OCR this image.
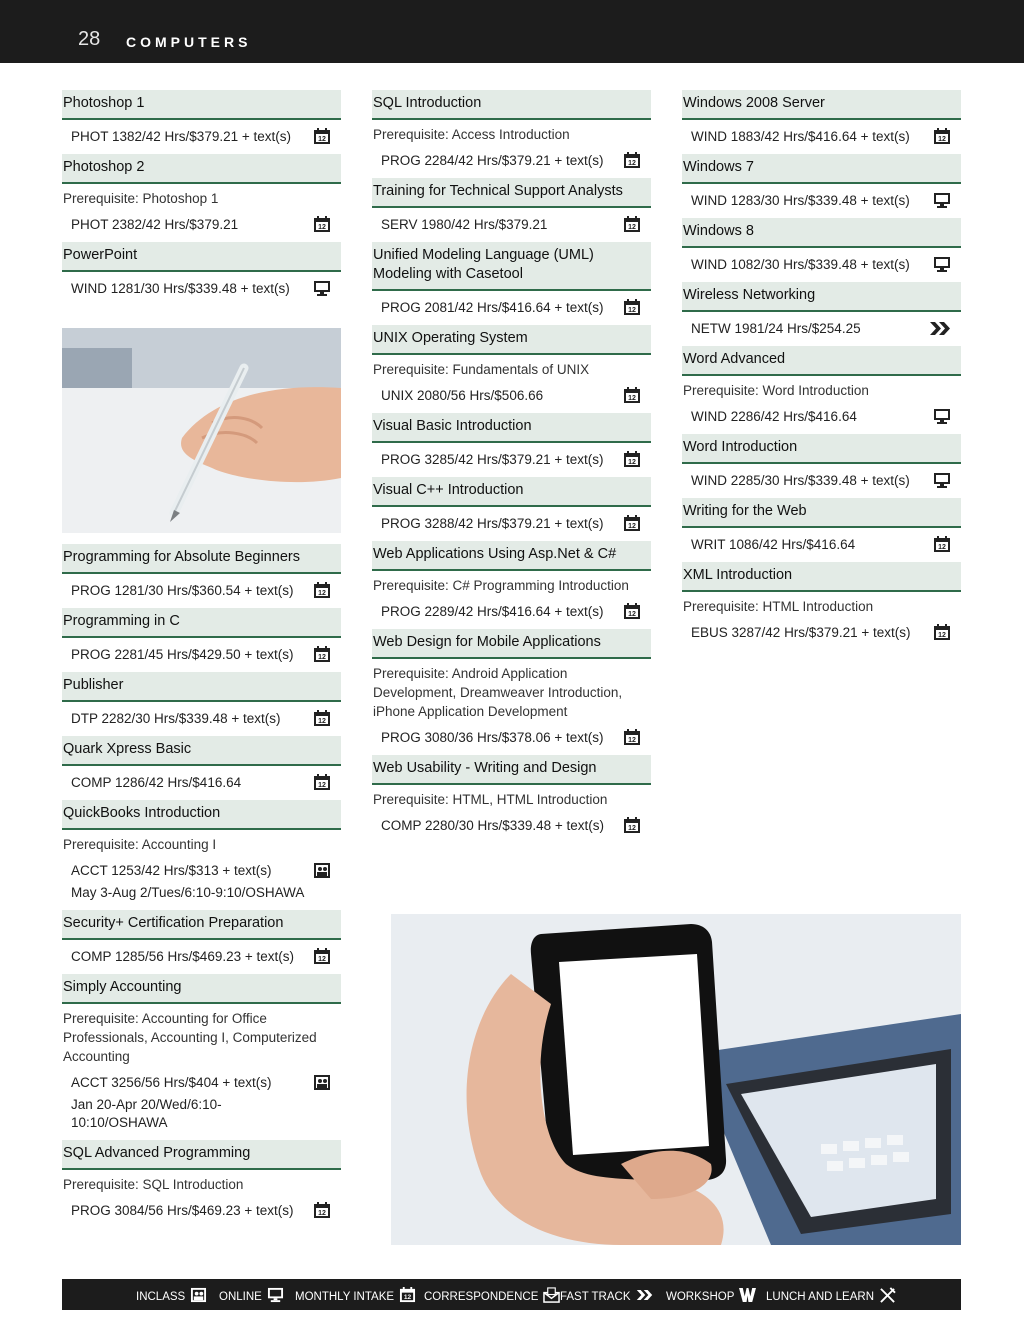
28 COMPUTERS
Photoshop 1
PHOT 1382/42 Hrs/$379.21 + text(s)	12
Photoshop 2
Prerequisite: Photoshop 1
PHOT 2382/42 Hrs/$379.21	12
PowerPoint
WIND 1281/30 Hrs/$339.48 + text(s)
Programming for Absolute Beginners
PROG 1281/30 Hrs/$360.54 + text(s)	12
Programming in C
PROG 2281/45 Hrs/$429.50 + text(s)	12
Publisher
DTP 2282/30 Hrs/$339.48 + text(s)	12
Quark Xpress Basic
COMP 1286/42 Hrs/$416.64	12
QuickBooks Introduction
Prerequisite: Accounting I
ACCT 1253/42 Hrs/$313 + text(s)
May 3-Aug 2/Tues/6:10-9:10/OSHAWA
Security+ Certification Preparation
COMP 1285/56 Hrs/$469.23 + text(s)	12
Simply Accounting
Prerequisite: Accounting for Office Professionals, Accounting I, Computerized Accounting
ACCT 3256/56 Hrs/$404 + text(s)
Jan 20-Apr 20/Wed/6:10-10:10/OSHAWA
SQL Advanced Programming
Prerequisite: SQL Introduction
PROG 3084/56 Hrs/$469.23 + text(s)	12
SQL Introduction
Prerequisite: Access Introduction
PROG 2284/42 Hrs/$379.21 + text(s)	12
Training for Technical Support Analysts
SERV 1980/42 Hrs/$379.21	12
Unified Modeling Language (UML) Modeling with Casetool
PROG 2081/42 Hrs/$416.64 + text(s)	12
UNIX Operating System
Prerequisite: Fundamentals of UNIX
UNIX 2080/56 Hrs/$506.66	12
Visual Basic Introduction
PROG 3285/42 Hrs/$379.21 + text(s)	12
Visual C++ Introduction
PROG 3288/42 Hrs/$379.21 + text(s)	12
Web Applications Using Asp.Net & C#
Prerequisite: C# Programming Introduction
PROG 2289/42 Hrs/$416.64 + text(s)	12
Web Design for Mobile Applications
Prerequisite: Android Application Development, Dreamweaver Introduction, iPhone Application Development
PROG 3080/36 Hrs/$378.06 + text(s)	12
Web Usability - Writing and Design
Prerequisite: HTML, HTML Introduction
COMP 2280/30 Hrs/$339.48 + text(s)	12
Windows 2008 Server
WIND 1883/42 Hrs/$416.64 + text(s)	12
Windows 7
WIND 1283/30 Hrs/$339.48 + text(s)
Windows 8
WIND 1082/30 Hrs/$339.48 + text(s)
Wireless Networking
NETW 1981/24 Hrs/$254.25
Word Advanced
Prerequisite: Word Introduction
WIND 2286/42 Hrs/$416.64
Word Introduction
WIND 2285/30 Hrs/$339.48 + text(s)
Writing for the Web
WRIT 1086/42 Hrs/$416.64	12
XML Introduction
Prerequisite: HTML Introduction
EBUS 3287/42 Hrs/$379.21 + text(s)	12
INCLASS	ONLINE	MONTHLY INTAKE 12 CORRESPONDENCE FAST TRACK	WORKSHOP	LUNCH AND LEARN
